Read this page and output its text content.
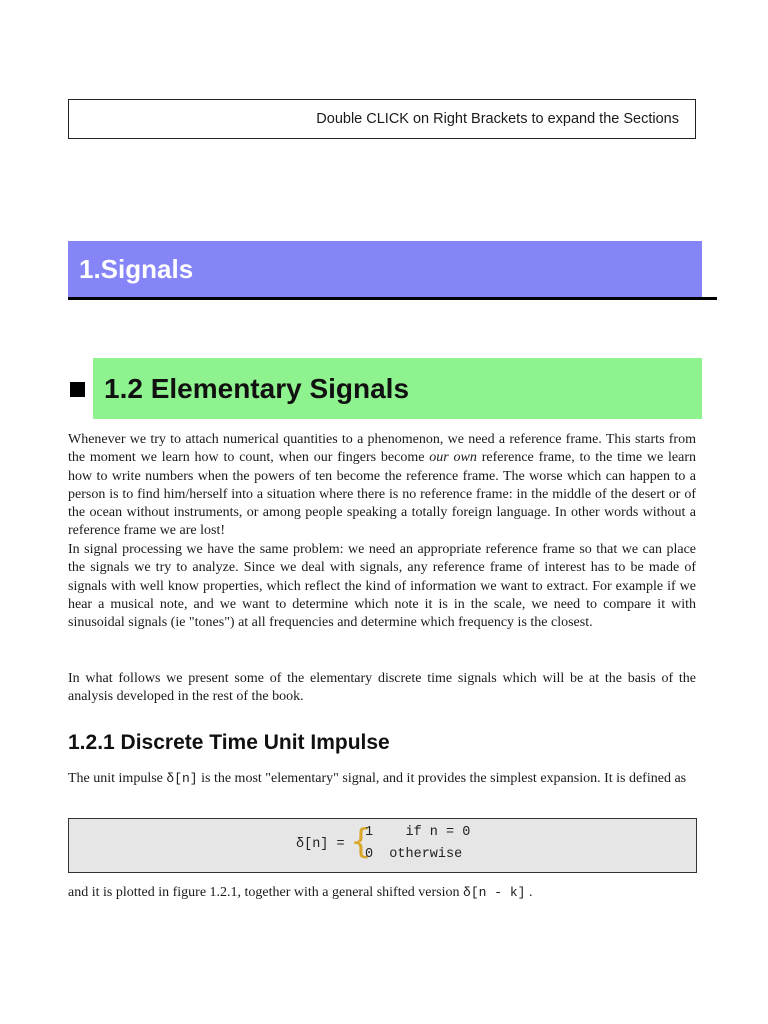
Double CLICK on Right Brackets to expand the Sections
1.Signals
1.2 Elementary Signals

Whenever we try to attach numerical quantities to a phenomenon, we need a reference frame. This starts from the moment we learn how to count, when our fingers become our own reference frame, to the time we learn how to write numbers when the powers of ten become the reference frame. The worse which can happen to a person is to find him/herself into a situation where there is no reference frame: in the middle of the desert or of the ocean without instruments, or among people speaking a totally foreign language. In other words without a reference frame we are lost!

In signal processing we have the same problem: we need an appropriate reference frame so that we can place the signals we try to analyze. Since we deal with signals, any reference frame of interest has to be made of signals with well know properties, which reflect the kind of information we want to extract. For example if we hear a musical note, and we want to determine which note it is in the scale, we need to compare it with sinusoidal signals (ie "tones") at all frequencies and determine which frequency is the closest.

In what follows we present some of the elementary discrete time signals which will be at the basis of the analysis developed in the rest of the book.

1.2.1 Discrete Time Unit Impulse

The unit impulse δ[n] is the most "elementary" signal, and it provides the simplest expansion. It is defined as

δ[n] = {
1    if n = 0
0  otherwise

and it is plotted in figure 1.2.1, together with a general shifted version δ[n - k] .
